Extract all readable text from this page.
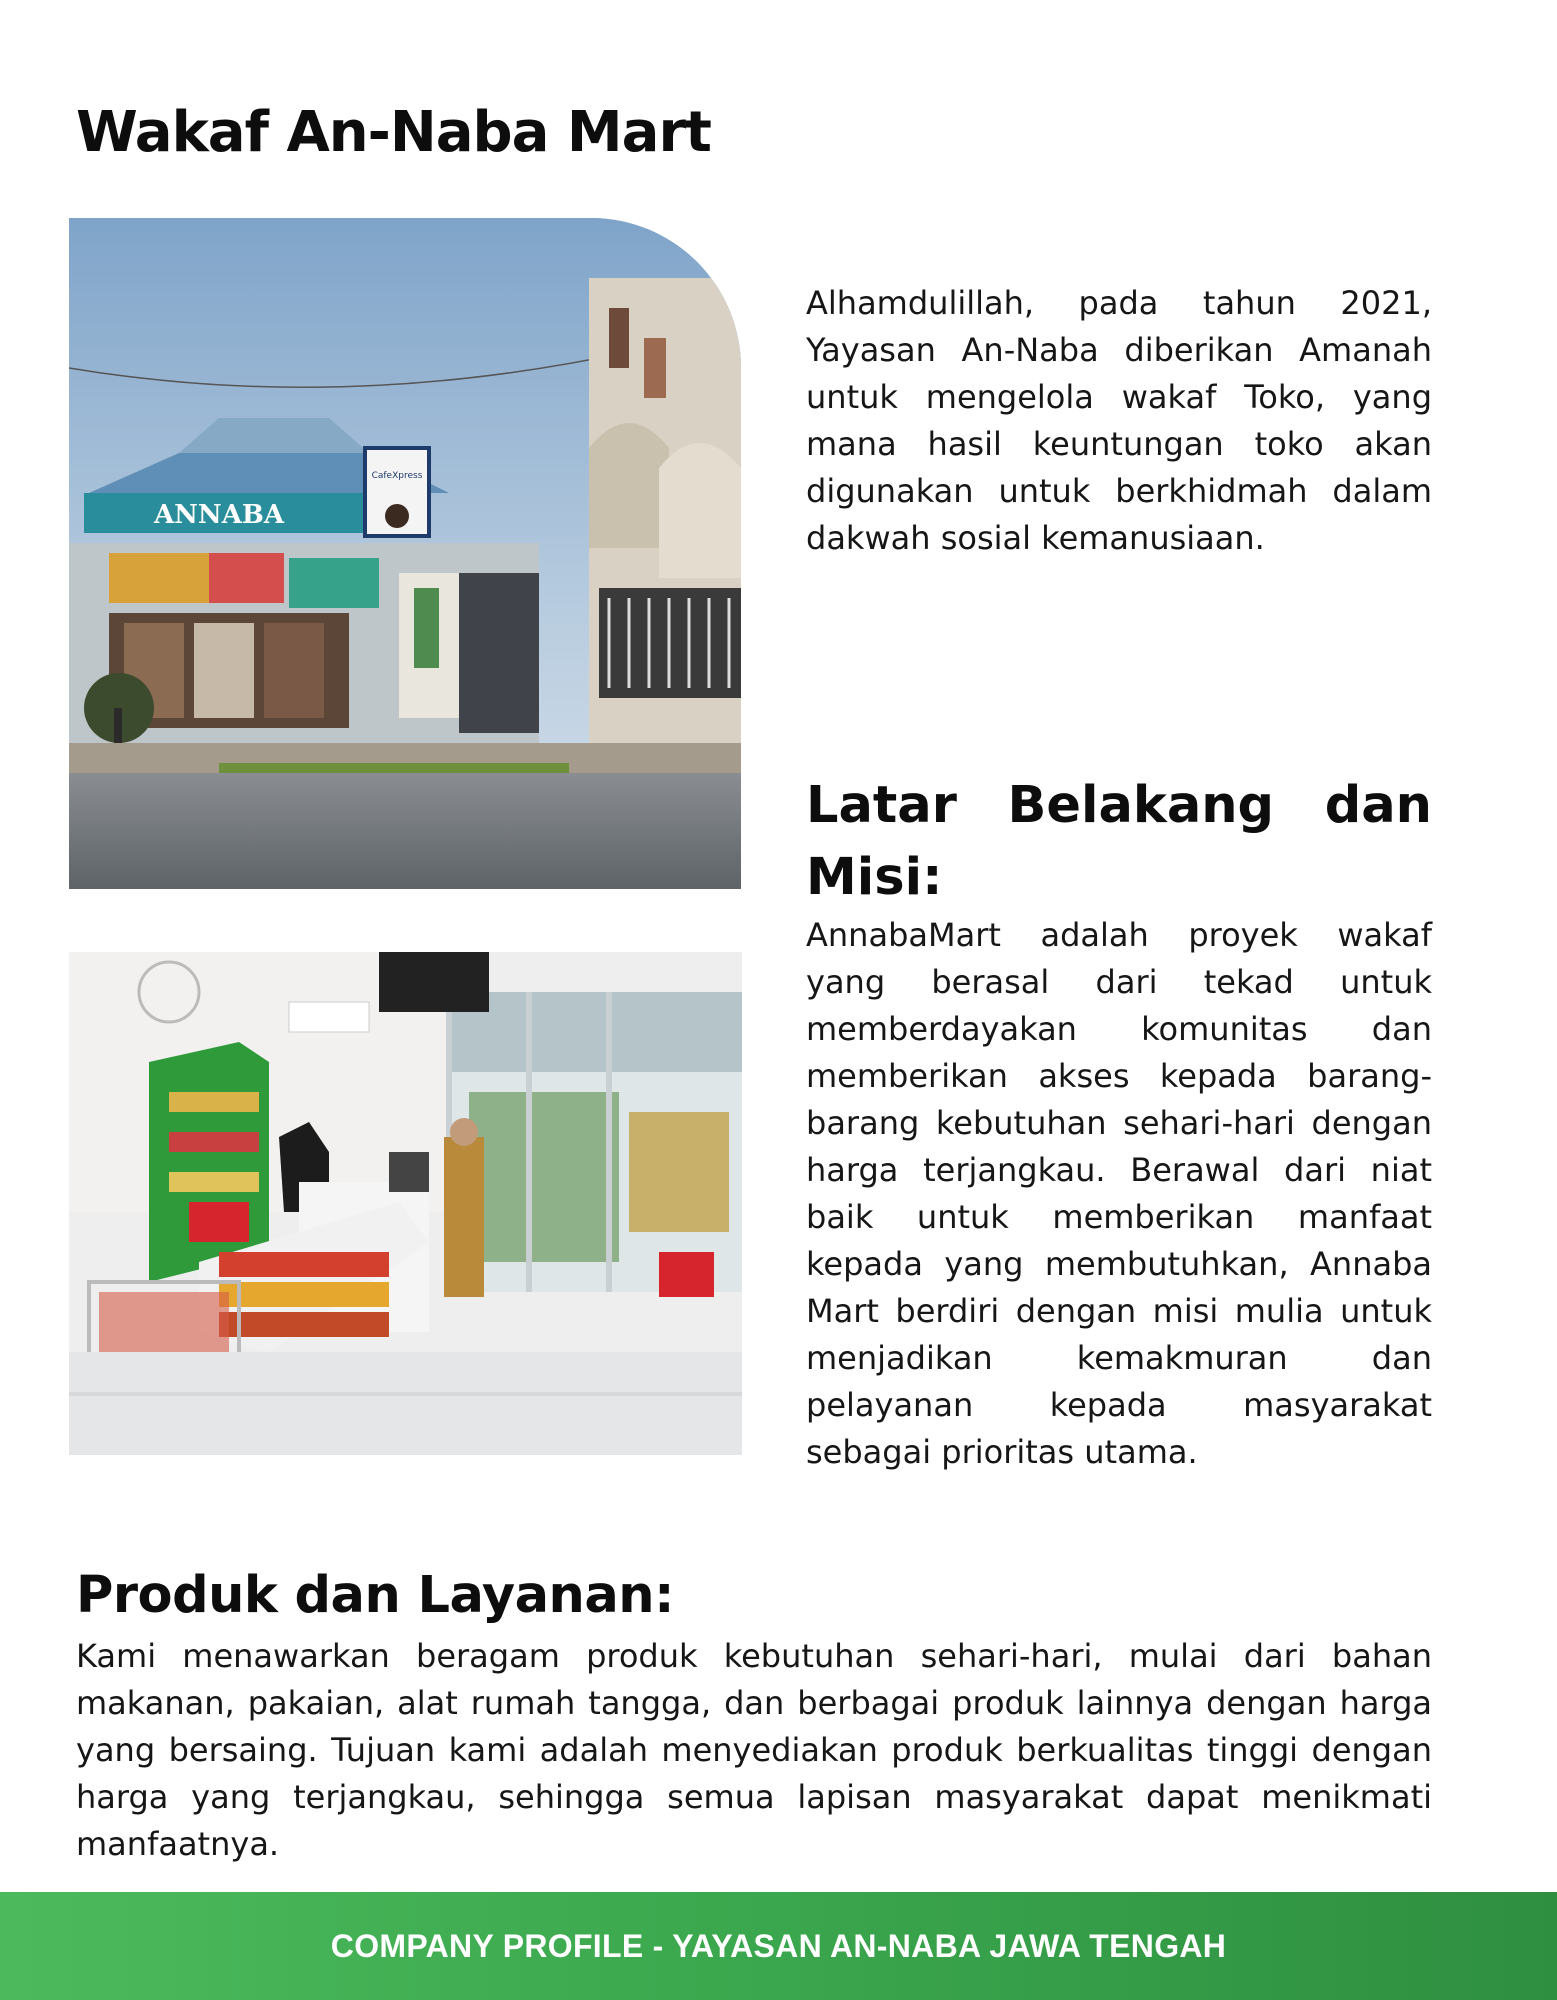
Wakaf An-Naba Mart
ANNABA
CafeXpress

Alhamdulillah, pada tahun 2021, Yayasan An-Naba diberikan Amanah untuk mengelola wakaf Toko, yang mana hasil keuntungan toko akan digunakan untuk berkhidmah dalam dakwah sosial kemanusiaan.

Latar Belakang dan Misi:

AnnabaMart adalah proyek wakaf yang berasal dari tekad untuk memberdayakan komunitas dan memberikan akses kepada barang-barang kebutuhan sehari-hari dengan harga terjangkau. Berawal dari niat baik untuk memberikan manfaat kepada yang membutuhkan, Annaba Mart berdiri dengan misi mulia untuk menjadikan kemakmuran dan pelayanan kepada masyarakat sebagai prioritas utama.

Produk dan Layanan:

Kami menawarkan beragam produk kebutuhan sehari-hari, mulai dari bahan makanan, pakaian, alat rumah tangga, dan berbagai produk lainnya dengan harga yang bersaing. Tujuan kami adalah menyediakan produk berkualitas tinggi dengan harga yang terjangkau, sehingga semua lapisan masyarakat dapat menikmati manfaatnya.

COMPANY PROFILE - YAYASAN AN-NABA JAWA TENGAH
